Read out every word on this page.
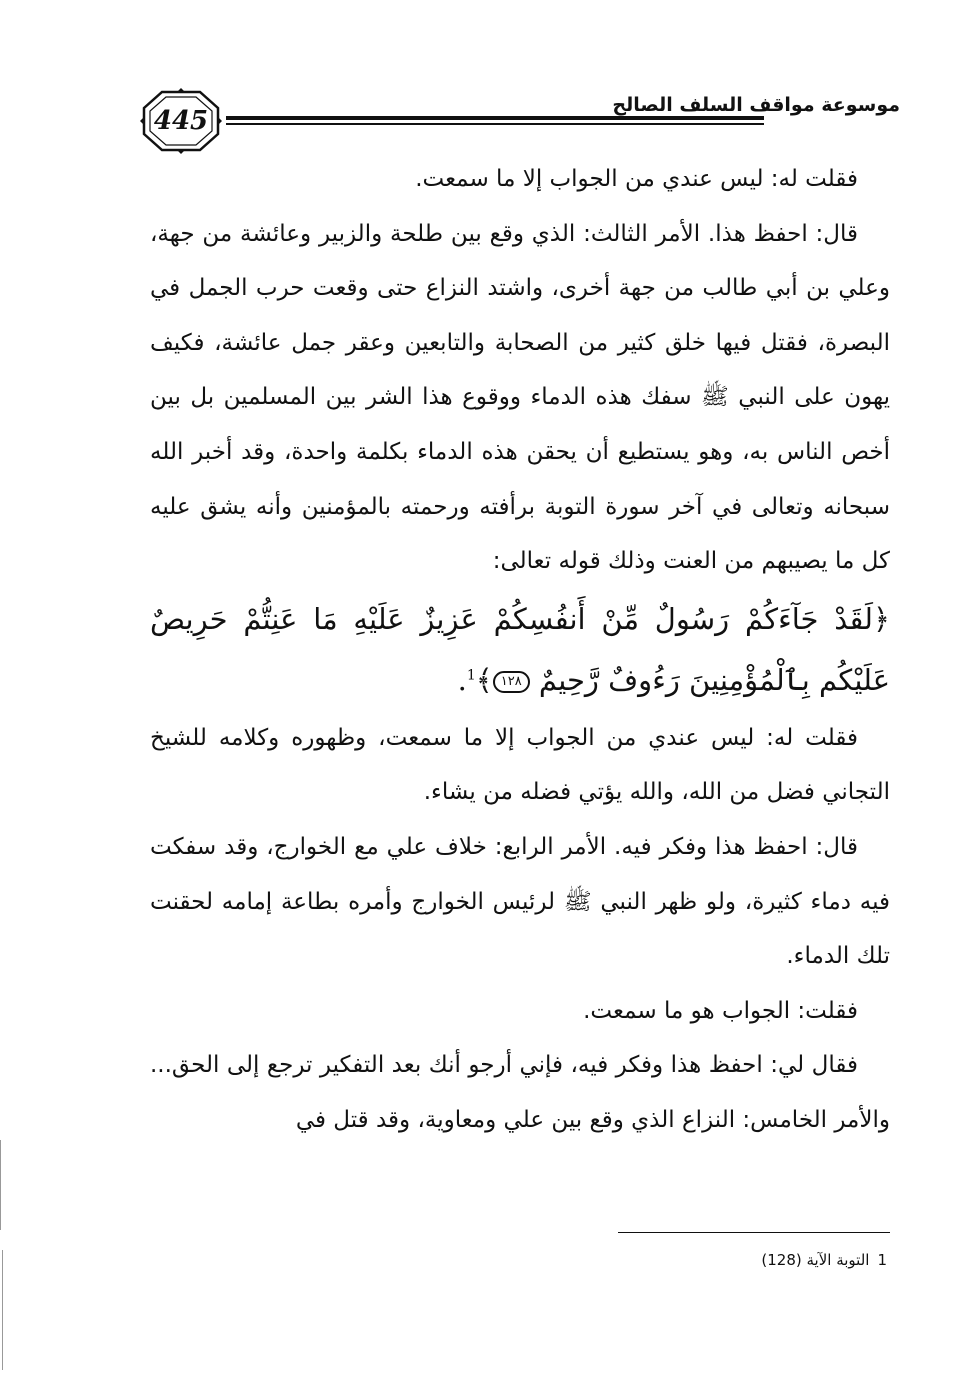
445
موسوعة مواقف السلف الصالح

فقلت له: ليس عندي من الجواب إلا ما سمعت.

قال: احفظ هذا. الأمر الثالث: الذي وقع بين طلحة والزبير وعائشة من جهة، وعلي بن أبي طالب من جهة أخرى، واشتد النزاع حتى وقعت حرب الجمل في البصرة، فقتل فيها خلق كثير من الصحابة والتابعين وعقر جمل عائشة، فكيف يهون على النبي ﷺ سفك هذه الدماء ووقوع هذا الشر بين المسلمين بل بين أخص الناس به، وهو يستطيع أن يحقن هذه الدماء بكلمة واحدة، وقد أخبر الله سبحانه وتعالى في آخر سورة التوبة برأفته ورحمته بالمؤمنين وأنه يشق عليه كل ما يصيبهم من العنت وذلك قوله تعالى:

﴿لَقَدْ جَآءَكُمْ رَسُولٌ مِّنْ أَنفُسِكُمْ عَزِيزٌ عَلَيْهِ مَا عَنِتُّمْ حَرِيصٌ عَلَيْكُم بِٱلْمُؤْمِنِينَ رَءُوفٌ رَّحِيمٌ ١٢٨﴾$^1$.

فقلت له: ليس عندي من الجواب إلا ما سمعت، وظهوره وكلامه للشيخ التجاني فضل من الله، والله يؤتي فضله من يشاء.

قال: احفظ هذا وفكر فيه. الأمر الرابع: خلاف علي مع الخوارج، وقد سفكت فيه دماء كثيرة، ولو ظهر النبي ﷺ لرئيس الخوارج وأمره بطاعة إمامه لحقنت تلك الدماء.

فقلت: الجواب هو ما سمعت.

فقال لي: احفظ هذا وفكر فيه، فإني أرجو أنك بعد التفكير ترجع إلى الحق... والأمر الخامس: النزاع الذي وقع بين علي ومعاوية، وقد قتل في

1التوبة الآية (128)
